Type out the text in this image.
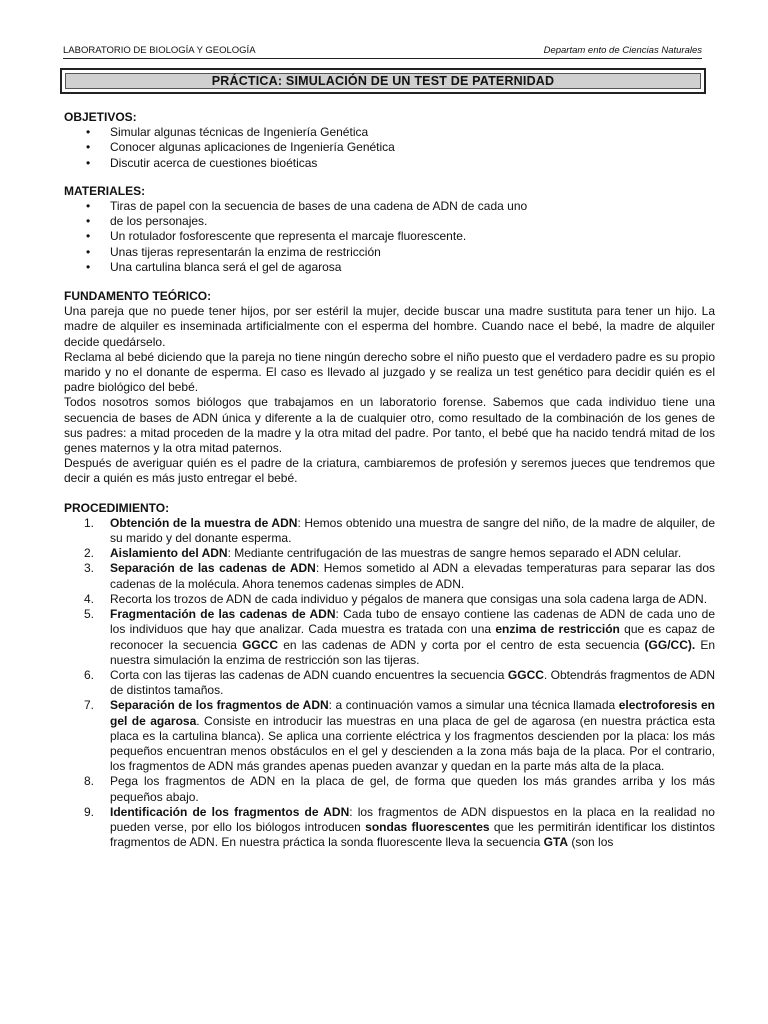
LABORATORIO DE BIOLOGÍA Y GEOLOGÍA	Departam ento de Ciencias Naturales
PRÁCTICA: SIMULACIÓN DE UN TEST DE PATERNIDAD
OBJETIVOS:
• Simular algunas técnicas de Ingeniería Genética
• Conocer algunas aplicaciones de Ingeniería Genética
• Discutir acerca de cuestiones bioéticas
MATERIALES:
• Tiras de papel con la secuencia de bases de una cadena de ADN de cada uno
• de los personajes.
• Un rotulador fosforescente que representa el marcaje fluorescente.
• Unas tijeras representarán la enzima de restricción
• Una cartulina blanca será el gel de agarosa
FUNDAMENTO TEÓRICO:

Una pareja que no puede tener hijos, por ser estéril la mujer, decide buscar una madre sustituta para tener un hijo. La madre de alquiler es inseminada artificialmente con el esperma del hombre. Cuando nace el bebé, la madre de alquiler decide quedárselo.

Reclama al bebé diciendo que la pareja no tiene ningún derecho sobre el niño puesto que el verdadero padre es su propio marido y no el donante de esperma. El caso es llevado al juzgado y se realiza un test genético para decidir quién es el padre biológico del bebé.

Todos nosotros somos biólogos que trabajamos en un laboratorio forense. Sabemos que cada individuo tiene una secuencia de bases de ADN única y diferente a la de cualquier otro, como resultado de la combinación de los genes de sus padres: a mitad proceden de la madre y la otra mitad del padre. Por tanto, el bebé que ha nacido tendrá mitad de los genes maternos y la otra mitad paternos.

Después de averiguar quién es el padre de la criatura, cambiaremos de profesión y seremos jueces que tendremos que decir a quién es más justo entregar el bebé.

PROCEDIMIENTO:
1. Obtención de la muestra de ADN: Hemos obtenido una muestra de sangre del niño, de la madre de alquiler, de su marido y del donante esperma.
2. Aislamiento del ADN: Mediante centrifugación de las muestras de sangre hemos separado el ADN celular.
3. Separación de las cadenas de ADN: Hemos sometido al ADN a elevadas temperaturas para separar las dos cadenas de la molécula. Ahora tenemos cadenas simples de ADN.
4. Recorta los trozos de ADN de cada individuo y pégalos de manera que consigas una sola cadena larga de ADN.
5. Fragmentación de las cadenas de ADN: Cada tubo de ensayo contiene las cadenas de ADN de cada uno de los individuos que hay que analizar. Cada muestra es tratada con una enzima de restricción que es capaz de reconocer la secuencia GGCC en las cadenas de ADN y corta por el centro de esta secuencia (GG/CC). En nuestra simulación la enzima de restricción son las tijeras.
6. Corta con las tijeras las cadenas de ADN cuando encuentres la secuencia GGCC. Obtendrás fragmentos de ADN de distintos tamaños.
7. Separación de los fragmentos de ADN: a continuación vamos a simular una técnica llamada electroforesis en gel de agarosa. Consiste en introducir las muestras en una placa de gel de agarosa (en nuestra práctica esta placa es la cartulina blanca). Se aplica una corriente eléctrica y los fragmentos descienden por la placa: los más pequeños encuentran menos obstáculos en el gel y descienden a la zona más baja de la placa. Por el contrario, los fragmentos de ADN más grandes apenas pueden avanzar y quedan en la parte más alta de la placa.
8. Pega los fragmentos de ADN en la placa de gel, de forma que queden los más grandes arriba y los más pequeños abajo.
9. Identificación de los fragmentos de ADN: los fragmentos de ADN dispuestos en la placa en la realidad no pueden verse, por ello los biólogos introducen sondas fluorescentes que les permitirán identificar los distintos fragmentos de ADN. En nuestra práctica la sonda fluorescente lleva la secuencia GTA (son los
